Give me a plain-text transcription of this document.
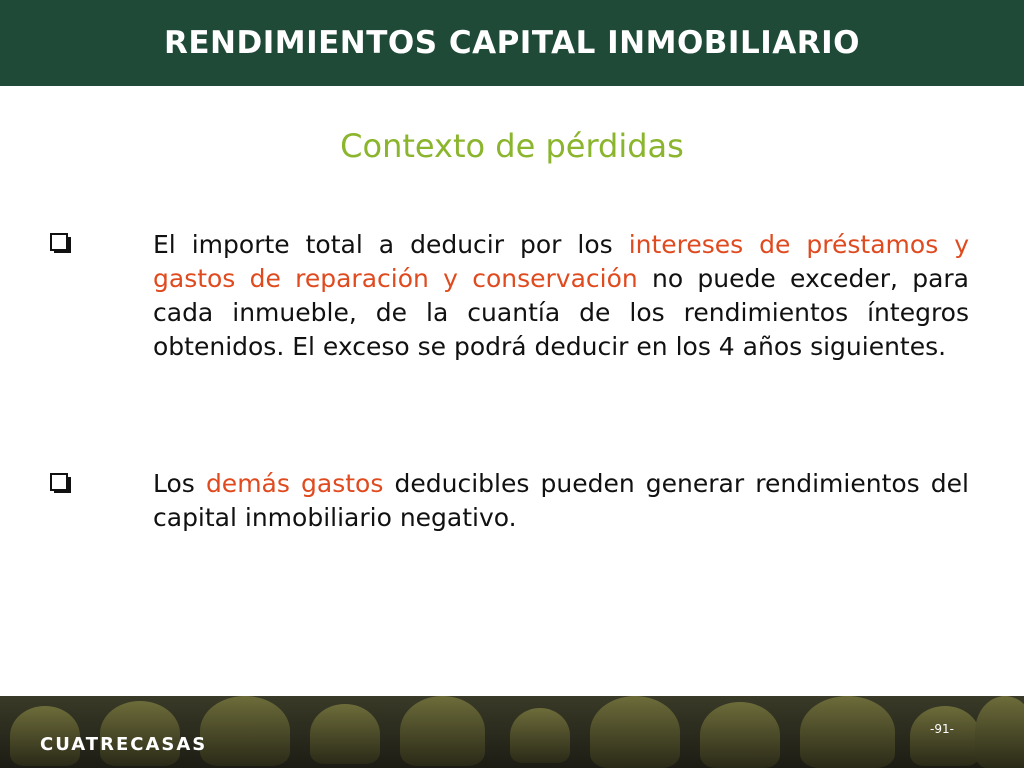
RENDIMIENTOS CAPITAL INMOBILIARIO
Contexto de pérdidas
El importe total a deducir por los intereses de préstamos y gastos de reparación y conservación no puede exceder, para cada inmueble, de la cuantía de los rendimientos íntegros obtenidos. El exceso se podrá deducir en los 4 años siguientes.
Los demás gastos deducibles pueden generar rendimientos del capital inmobiliario negativo.
CUATRECASAS
-91-
